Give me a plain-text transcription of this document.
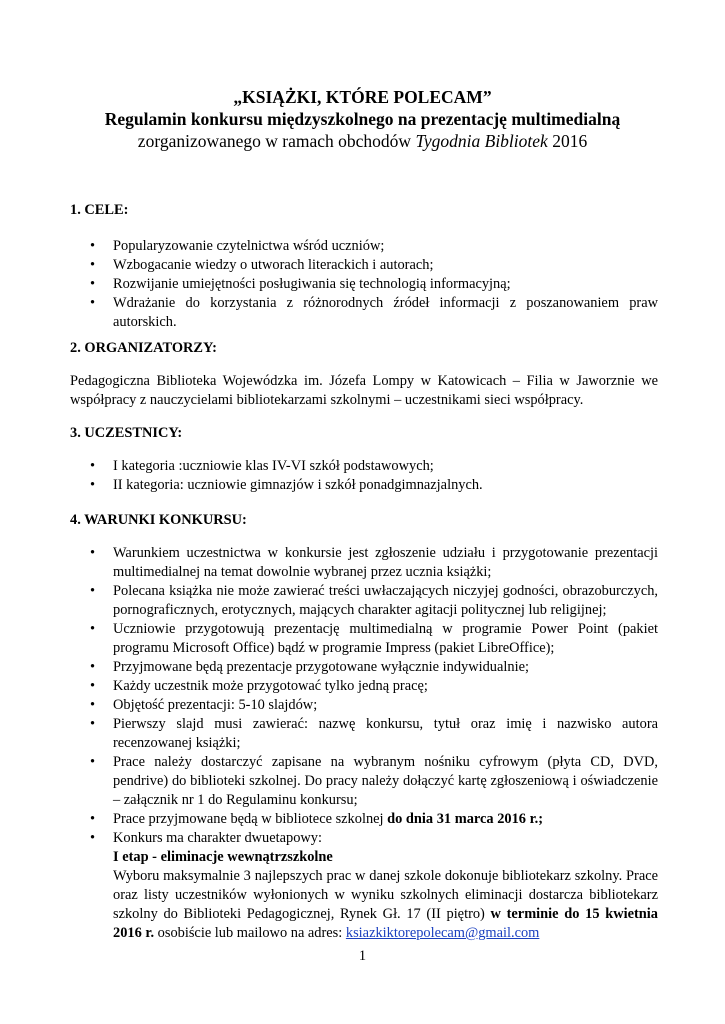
„KSIĄŻKI, KTÓRE POLECAM”
Regulamin konkursu międzyszkolnego na prezentację multimedialną
zorganizowanego w ramach obchodów Tygodnia Bibliotek 2016

1. CELE:

• Popularyzowanie czytelnictwa wśród uczniów;
• Wzbogacanie wiedzy o utworach literackich i autorach;
• Rozwijanie umiejętności posługiwania się technologią informacyjną;
• Wdrażanie do korzystania z różnorodnych źródeł informacji z poszanowaniem praw autorskich.

2. ORGANIZATORZY:

Pedagogiczna Biblioteka Wojewódzka im. Józefa Lompy w Katowicach – Filia w Jaworznie we współpracy z nauczycielami bibliotekarzami szkolnymi – uczestnikami sieci współpracy.

3. UCZESTNICY:

• I kategoria :uczniowie klas IV-VI szkół podstawowych;
• II kategoria: uczniowie gimnazjów i szkół ponadgimnazjalnych.

4. WARUNKI KONKURSU:

• Warunkiem uczestnictwa w konkursie jest zgłoszenie udziału i przygotowanie prezentacji multimedialnej na temat dowolnie wybranej przez ucznia książki;
• Polecana książka nie może zawierać treści uwłaczających niczyjej godności, obrazoburczych, pornograficznych, erotycznych, mających charakter agitacji politycznej lub religijnej;
• Uczniowie przygotowują prezentację multimedialną w programie Power Point (pakiet programu Microsoft Office) bądź w programie Impress (pakiet LibreOffice);
• Przyjmowane będą prezentacje przygotowane wyłącznie indywidualnie;
• Każdy uczestnik może przygotować tylko jedną pracę;
• Objętość prezentacji: 5-10 slajdów;
• Pierwszy slajd musi zawierać: nazwę konkursu, tytuł oraz imię i nazwisko autora recenzowanej książki;
• Prace należy dostarczyć zapisane na wybranym nośniku cyfrowym (płyta CD, DVD, pendrive) do biblioteki szkolnej. Do pracy należy dołączyć kartę zgłoszeniową i oświadczenie – załącznik nr 1 do Regulaminu konkursu;
• Prace przyjmowane będą w bibliotece szkolnej do dnia 31 marca 2016 r.;
• Konkurs ma charakter dwuetapowy:
I etap - eliminacje wewnątrzszkolne
Wyboru maksymalnie 3 najlepszych prac w danej szkole dokonuje bibliotekarz szkolny. Prace oraz listy uczestników wyłonionych w wyniku szkolnych eliminacji dostarcza bibliotekarz szkolny do Biblioteki Pedagogicznej, Rynek Gł. 17 (II piętro) w terminie do 15 kwietnia 2016 r. osobiście lub mailowo na adres: ksiazkiktorepolecam@gmail.com
1
